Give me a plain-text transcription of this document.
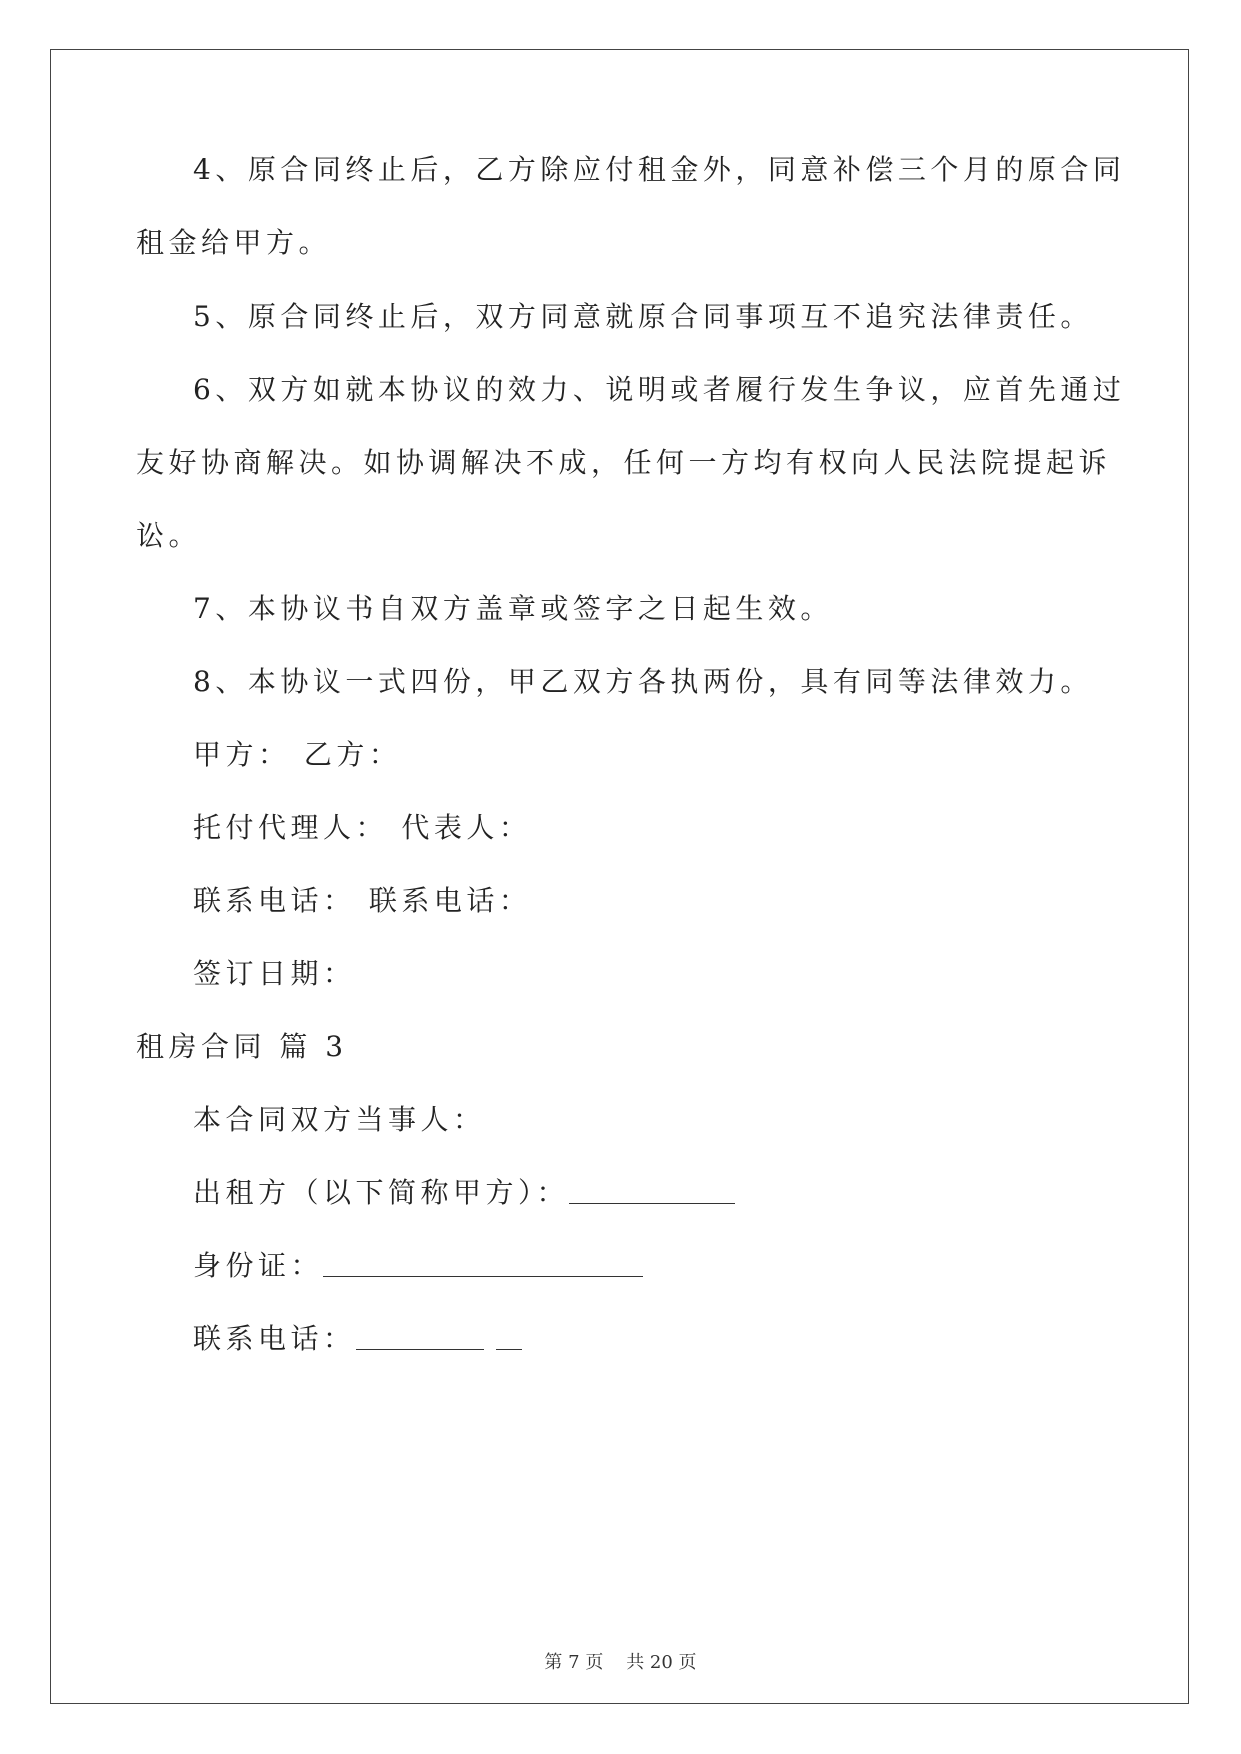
4、原合同终止后，乙方除应付租金外，同意补偿三个月的原合同
租金给甲方。
5、原合同终止后，双方同意就原合同事项互不追究法律责任。
6、双方如就本协议的效力、说明或者履行发生争议，应首先通过
友好协商解决。如协调解决不成，任何一方均有权向人民法院提起诉
讼。
7、本协议书自双方盖章或签字之日起生效。
8、本协议一式四份，甲乙双方各执两份，具有同等法律效力。
甲方： 乙方：
托付代理人： 代表人：
联系电话： 联系电话：
签订日期：
租房合同 篇 3
本合同双方当事人：
出租方（以下简称甲方）：
身份证：
联系电话：
第 7 页    共 20 页
